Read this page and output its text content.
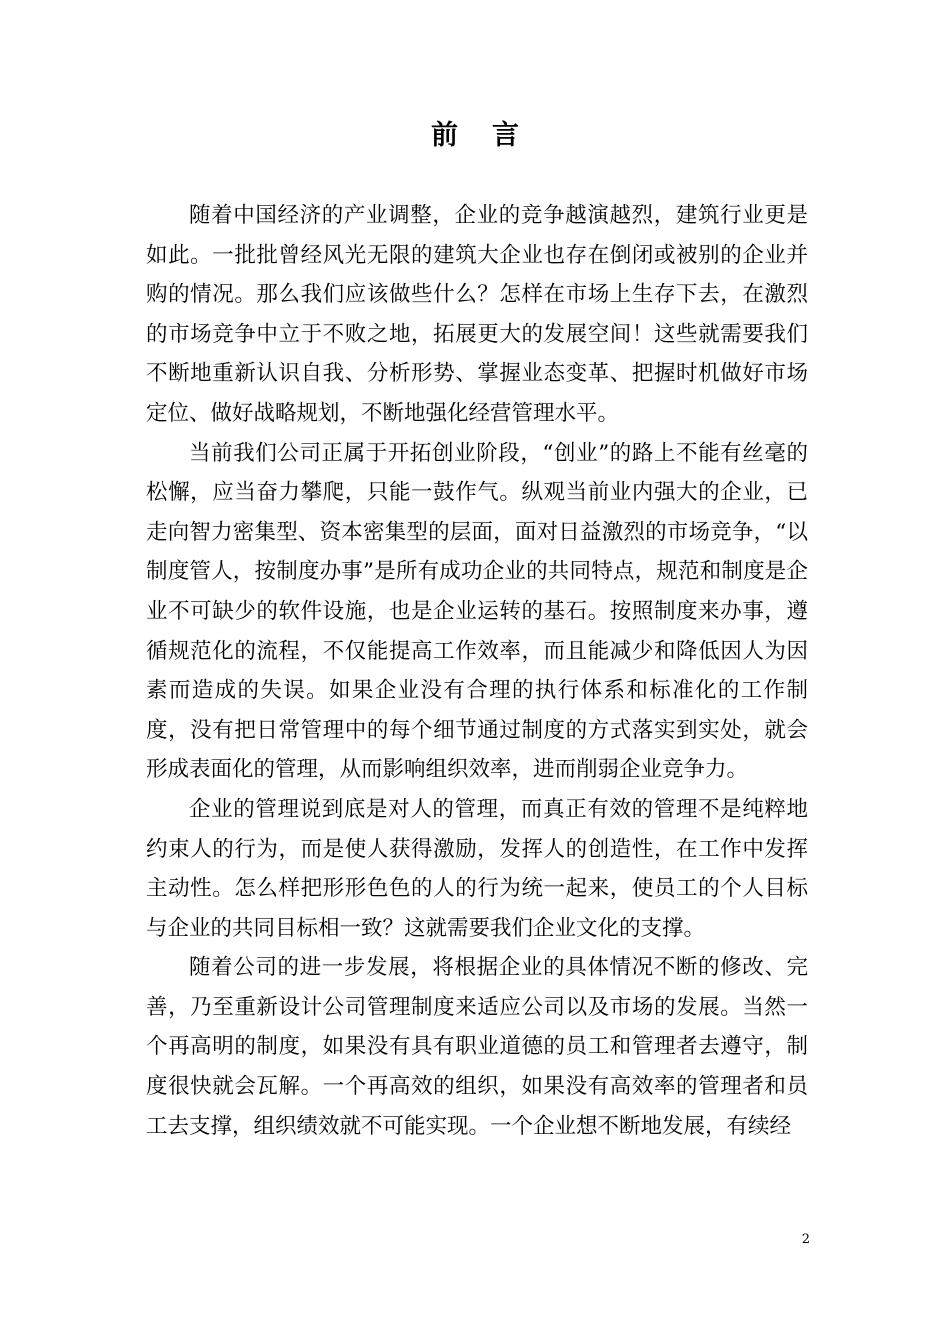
前言

随着中国经济的产业调整，企业的竞争越演越烈，建筑行业更是如此。一批批曾经风光无限的建筑大企业也存在倒闭或被别的企业并购的情况。那么我们应该做些什么？怎样在市场上生存下去，在激烈的市场竞争中立于不败之地，拓展更大的发展空间！这些就需要我们不断地重新认识自我、分析形势、掌握业态变革、把握时机做好市场定位、做好战略规划，不断地强化经营管理水平。

当前我们公司正属于开拓创业阶段，“创业”的路上不能有丝毫的松懈，应当奋力攀爬，只能一鼓作气。纵观当前业内强大的企业，已走向智力密集型、资本密集型的层面，面对日益激烈的市场竞争，“以制度管人，按制度办事”是所有成功企业的共同特点，规范和制度是企业不可缺少的软件设施，也是企业运转的基石。按照制度来办事，遵循规范化的流程，不仅能提高工作效率，而且能减少和降低因人为因素而造成的失误。如果企业没有合理的执行体系和标准化的工作制度，没有把日常管理中的每个细节通过制度的方式落实到实处，就会形成表面化的管理，从而影响组织效率，进而削弱企业竞争力。

企业的管理说到底是对人的管理，而真正有效的管理不是纯粹地约束人的行为，而是使人获得激励，发挥人的创造性，在工作中发挥主动性。怎么样把形形色色的人的行为统一起来，使员工的个人目标与企业的共同目标相一致？这就需要我们企业文化的支撑。

随着公司的进一步发展，将根据企业的具体情况不断的修改、完善，乃至重新设计公司管理制度来适应公司以及市场的发展。当然一个再高明的制度，如果没有具有职业道德的员工和管理者去遵守，制度很快就会瓦解。一个再高效的组织，如果没有高效率的管理者和员工去支撑，组织绩效就不可能实现。一个企业想不断地发展，有续经

2
